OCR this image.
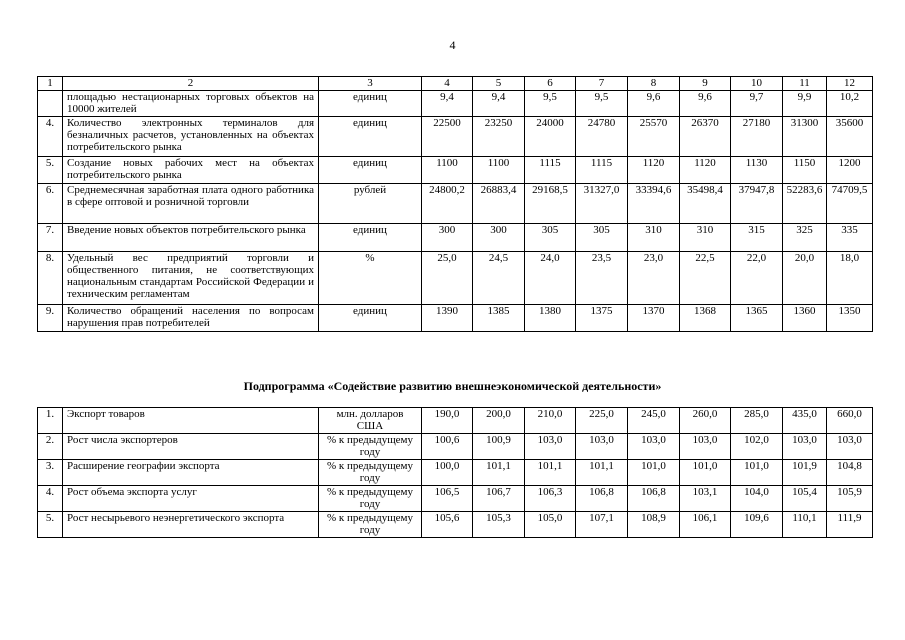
4
1	2	3	4	5	6	7	8	9	10	11	12
	площадью нестационарных торговых объектов на 10000 жителей	единиц	9,4	9,4	9,5	9,5	9,6	9,6	9,7	9,9	10,2
4.	Количество электронных терминалов для безналичных расчетов, установленных на объектах потребительского рынка	единиц	22500	23250	24000	24780	25570	26370	27180	31300	35600
5.	Создание новых рабочих мест на объектах потребительского рынка	единиц	1100	1100	1115	1115	1120	1120	1130	1150	1200
6.	Среднемесячная заработная плата одного работника в сфере оптовой и розничной торговли	рублей	24800,2	26883,4	29168,5	31327,0	33394,6	35498,4	37947,8	52283,6	74709,5
7.	Введение новых объектов потребительского рынка	единиц	300	300	305	305	310	310	315	325	335
8.	Удельный вес предприятий торговли и общественного питания, не соответствующих национальным стандартам Российской Федерации и техническим регламентам	%	25,0	24,5	24,0	23,5	23,0	22,5	22,0	20,0	18,0
9.	Количество обращений населения по вопросам нарушения прав потребителей	единиц	1390	1385	1380	1375	1370	1368	1365	1360	1350
Подпрограмма «Содействие развитию внешнеэкономической деятельности»
1.	Экспорт товаров	млн. долларов США	190,0	200,0	210,0	225,0	245,0	260,0	285,0	435,0	660,0
2.	Рост числа экспортеров	% к предыдущему году	100,6	100,9	103,0	103,0	103,0	103,0	102,0	103,0	103,0
3.	Расширение географии экспорта	% к предыдущему году	100,0	101,1	101,1	101,1	101,0	101,0	101,0	101,9	104,8
4.	Рост объема экспорта услуг	% к предыдущему году	106,5	106,7	106,3	106,8	106,8	103,1	104,0	105,4	105,9
5.	Рост несырьевого неэнергетического экспорта	% к предыдущему году	105,6	105,3	105,0	107,1	108,9	106,1	109,6	110,1	111,9
